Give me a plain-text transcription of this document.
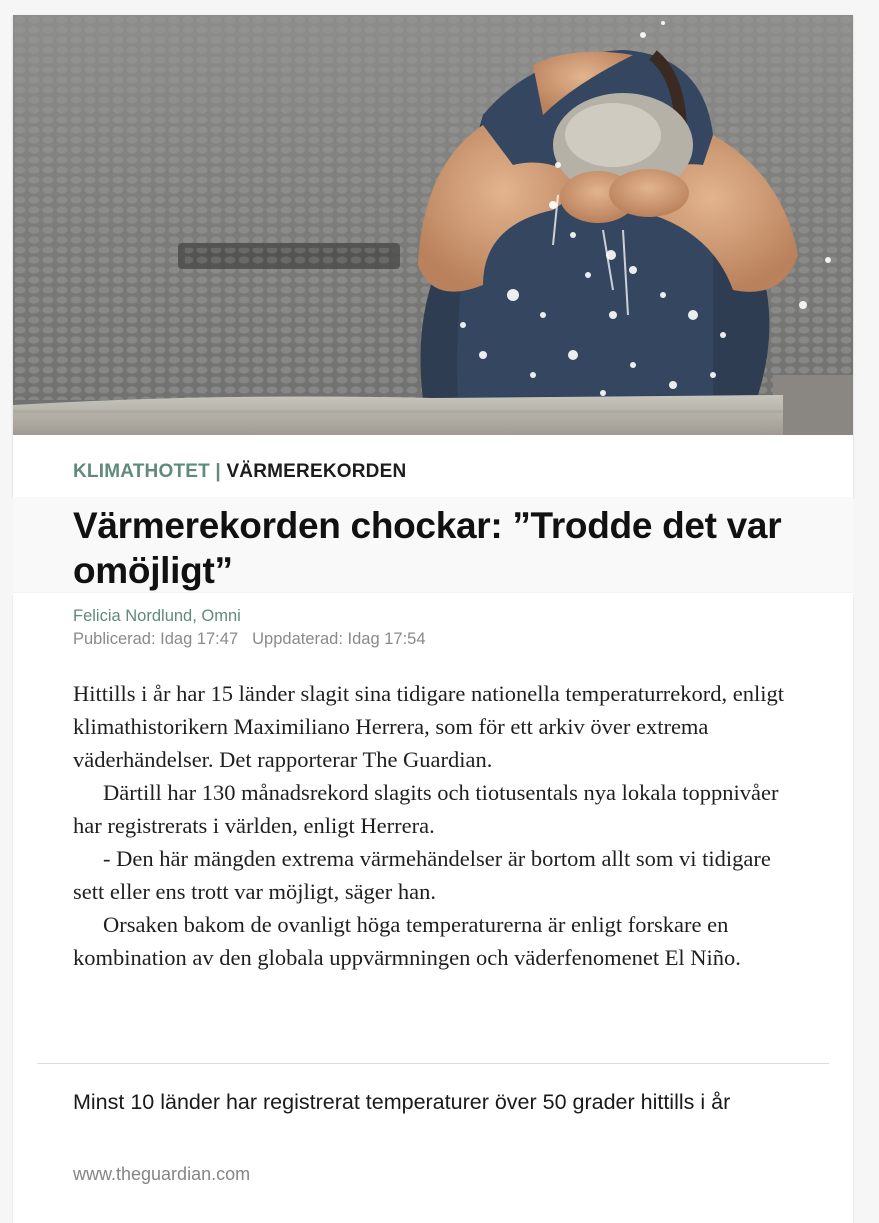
KLIMATHOTET | VÄRMEREKORDEN
Värmerekorden chockar: ”Trodde det var omöjligt”
Felicia Nordlund, Omni
Publicerad: Idag 17:47 Uppdaterad: Idag 17:54

Hittills i år har 15 länder slagit sina tidigare nationella temperaturrekord, enligt klimathistorikern Maximiliano Herrera, som för ett arkiv över extrema väderhändelser. Det rapporterar The Guardian.

Därtill har 130 månadsrekord slagits och tiotusentals nya lokala toppnivåer har registrerats i världen, enligt Herrera.

- Den här mängden extrema värmehändelser är bortom allt som vi tidigare sett eller ens trott var möjligt, säger han.

Orsaken bakom de ovanligt höga temperaturerna är enligt forskare en kombination av den globala uppvärmningen och väderfenomenet El Niño.

Minst 10 länder har registrerat temperaturer över 50 grader hittills i år
www.theguardian.com
